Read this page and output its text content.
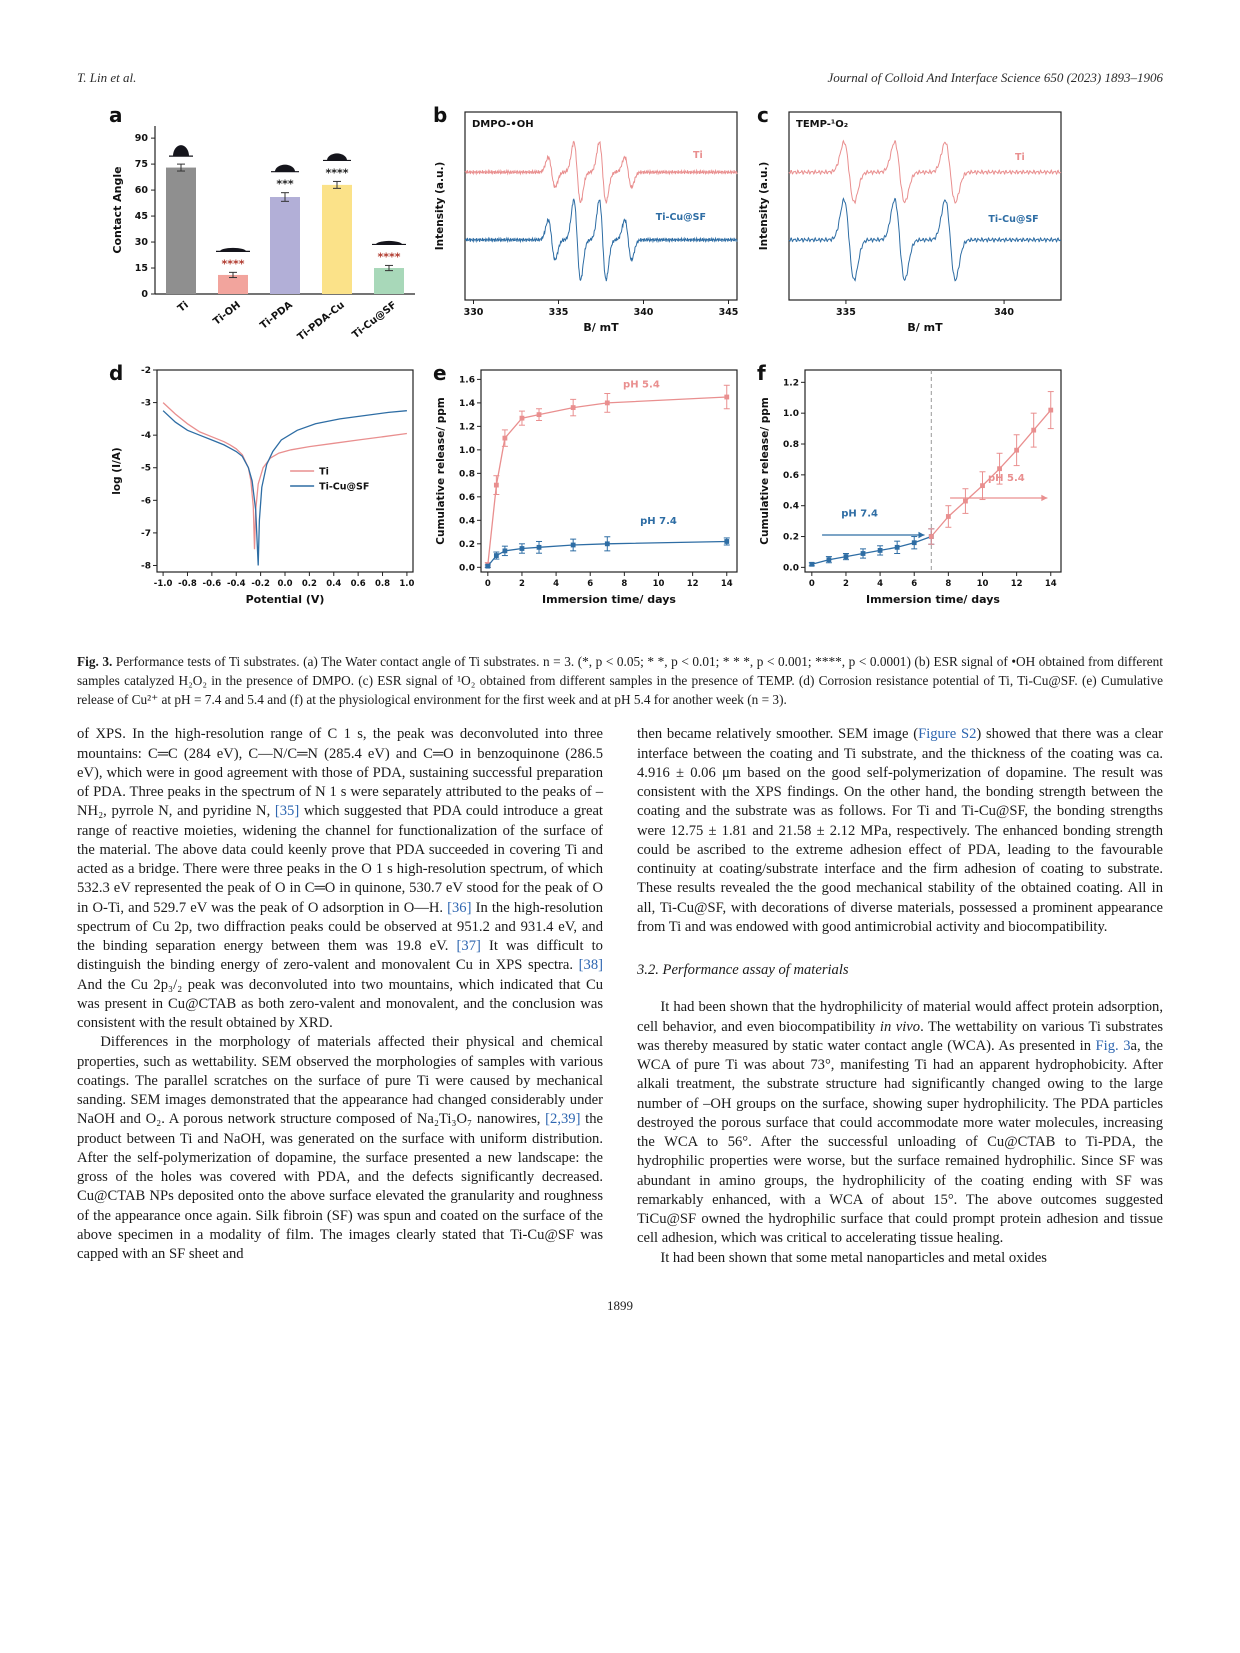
T. Lin et al.	Journal of Colloid And Interface Science 650 (2023) 1893–1906
a
0
15
30
45
60
75
90
Contact Angle
Ti
****
Ti-OH
***
Ti-PDA
****
Ti-PDA-Cu
****
Ti-Cu@SF
b
330	335	340	345
B/ mT
Intensity (a.u.)
DMPO-•OH
Ti
Ti-Cu@SF
c
335	340
B/ mT
Intensity (a.u.)
TEMP-¹O₂
Ti
Ti-Cu@SF
d
-1.0 -0.8 -0.6 -0.4 -0.2 0.0 0.2 0.4 0.6 0.8 1.0
-8
-7
-6
-5
-4
-3
-2
Potential (V)
log (I/A)	Ti
Ti-Cu@SF
e
0	2	4	6	8	10	12	14
0.0
0.2
0.4
0.6
0.8
1.0
1.2
1.4
1.6
Immersion time/ days
Cumulative release/ ppm
pH 5.4
pH 7.4
f
0	2	4	6	8	10	12	14
0.0
0.2
0.4
0.6
0.8
1.0
1.2
Immersion time/ days
Cumulative release/ ppm	pH 7.4
pH 5.4
Fig. 3. Performance tests of Ti substrates. (a) The Water contact angle of Ti substrates. n = 3. (*, p < 0.05; * *, p < 0.01; * * *, p < 0.001; ****, p < 0.0001) (b) ESR signal of •OH obtained from different samples catalyzed H₂O₂ in the presence of DMPO. (c) ESR signal of ¹O₂ obtained from different samples in the presence of TEMP. (d) Corrosion resistance potential of Ti, Ti-Cu@SF. (e) Cumulative release of Cu²⁺ at pH = 7.4 and 5.4 and (f) at the physiological environment for the first week and at pH 5.4 for another week (n = 3).

of XPS. In the high-resolution range of C 1 s, the peak was deconvoluted into three mountains: C═C (284 eV), C—N/C═N (285.4 eV) and C═O in benzoquinone (286.5 eV), which were in good agreement with those of PDA, sustaining successful preparation of PDA. Three peaks in the spectrum of N 1 s were separately attributed to the peaks of –NH₂, pyrrole N, and pyridine N, [35] which suggested that PDA could introduce a great range of reactive moieties, widening the channel for functionalization of the surface of the material. The above data could keenly prove that PDA succeeded in covering Ti and acted as a bridge. There were three peaks in the O 1 s high-resolution spectrum, of which 532.3 eV represented the peak of O in C═O in quinone, 530.7 eV stood for the peak of O in O-Ti, and 529.7 eV was the peak of O adsorption in O—H. [36] In the high-resolution spectrum of Cu 2p, two diffraction peaks could be observed at 951.2 and 931.4 eV, and the binding separation energy between them was 19.8 eV. [37] It was difficult to distinguish the binding energy of zero-valent and monovalent Cu in XPS spectra. [38] And the Cu 2p₃/₂ peak was deconvoluted into two mountains, which indicated that Cu was present in Cu@CTAB as both zero-valent and monovalent, and the conclusion was consistent with the result obtained by XRD.

Differences in the morphology of materials affected their physical and chemical properties, such as wettability. SEM observed the morphologies of samples with various coatings. The parallel scratches on the surface of pure Ti were caused by mechanical sanding. SEM images demonstrated that the appearance had changed considerably under NaOH and O₂. A porous network structure composed of Na₂Ti₃O₇ nanowires, [2,39] the product between Ti and NaOH, was generated on the surface with uniform distribution. After the self-polymerization of dopamine, the surface presented a new landscape: the gross of the holes was covered with PDA, and the defects significantly decreased. Cu@CTAB NPs deposited onto the above surface elevated the granularity and roughness of the appearance once again. Silk fibroin (SF) was spun and coated on the surface of the above specimen in a modality of film. The images clearly stated that Ti-Cu@SF was capped with an SF sheet and

then became relatively smoother. SEM image (Figure S2) showed that there was a clear interface between the coating and Ti substrate, and the thickness of the coating was ca. 4.916 ± 0.06 μm based on the good self-polymerization of dopamine. The result was consistent with the XPS findings. On the other hand, the bonding strength between the coating and the substrate was as follows. For Ti and Ti-Cu@SF, the bonding strengths were 12.75 ± 1.81 and 21.58 ± 2.12 MPa, respectively. The enhanced bonding strength could be ascribed to the extreme adhesion effect of PDA, leading to the favourable continuity at coating/substrate interface and the firm adhesion of coating to substrate. These results revealed the the good mechanical stability of the obtained coating. All in all, Ti-Cu@SF, with decorations of diverse materials, possessed a prominent appearance from Ti and was endowed with good antimicrobial activity and biocompatibility.

3.2. Performance assay of materials

It had been shown that the hydrophilicity of material would affect protein adsorption, cell behavior, and even biocompatibility in vivo. The wettability on various Ti substrates was thereby measured by static water contact angle (WCA). As presented in Fig. 3a, the WCA of pure Ti was about 73°, manifesting Ti had an apparent hydrophobicity. After alkali treatment, the substrate structure had significantly changed owing to the large number of –OH groups on the surface, showing super hydrophilicity. The PDA particles destroyed the porous surface that could accommodate more water molecules, increasing the WCA to 56°. After the successful unloading of Cu@CTAB to Ti-PDA, the hydrophilic properties were worse, but the surface remained hydrophilic. Since SF was abundant in amino groups, the hydrophilicity of the coating ending with SF was remarkably enhanced, with a WCA of about 15°. The above outcomes suggested TiCu@SF owned the hydrophilic surface that could prompt protein adhesion and tissue cell adhesion, which was critical to accelerating tissue healing.

It had been shown that some metal nanoparticles and metal oxides

1899
